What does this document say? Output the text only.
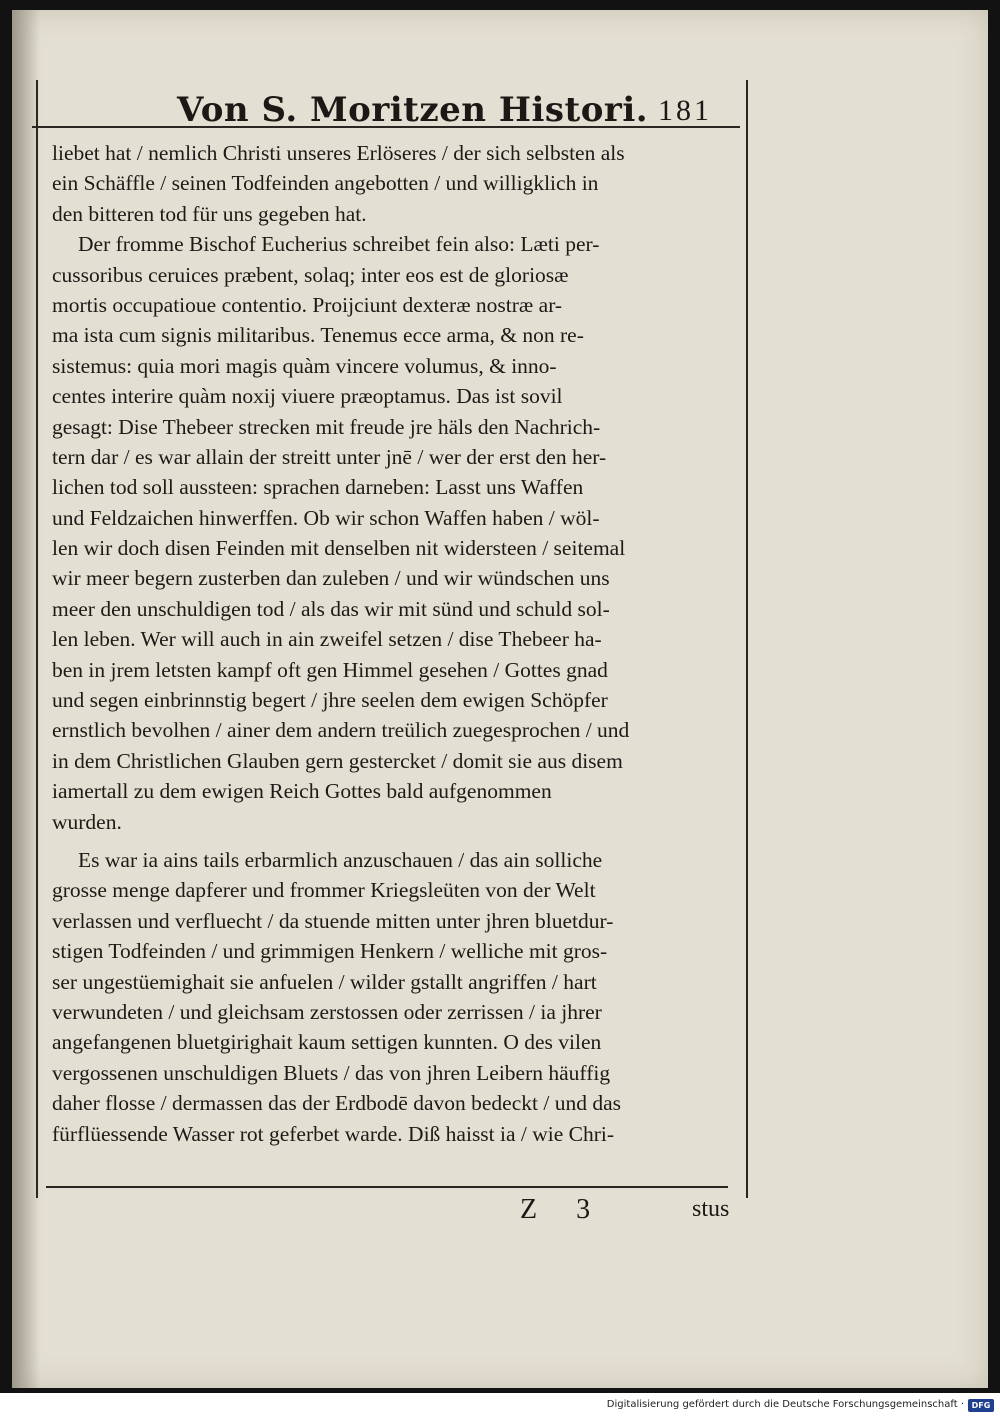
Von S. Moritzen Histori. 181
liebet hat / nemlich Christi unseres Erlöseres / der sich selbsten als
ein Schäffle / seinen Todfeinden angebotten / und willigklich in
den bitteren tod für uns gegeben hat.
Der fromme Bischof Eucherius schreibet fein also: Læti per-
cussoribus ceruices præbent, solaq; inter eos est de gloriosæ
mortis occupatioue contentio. Proijciunt dexteræ nostræ ar-
ma ista cum signis militaribus. Tenemus ecce arma, & non re-
sistemus: quia mori magis quàm vincere volumus, & inno-
centes interire quàm noxij viuere præoptamus. Das ist sovil
gesagt: Dise Thebeer strecken mit freude jre häls den Nachrich-
tern dar / es war allain der streitt unter jnē / wer der erst den her-
lichen tod soll aussteen: sprachen darneben: Lasst uns Waffen
und Feldzaichen hinwerffen. Ob wir schon Waffen haben / wöl-
len wir doch disen Feinden mit denselben nit widersteen / seitemal
wir meer begern zusterben dan zuleben / und wir wündschen uns
meer den unschuldigen tod / als das wir mit sünd und schuld sol-
len leben. Wer will auch in ain zweifel setzen / dise Thebeer ha-
ben in jrem letsten kampf oft gen Himmel gesehen / Gottes gnad
und segen einbrinnstig begert / jhre seelen dem ewigen Schöpfer
ernstlich bevolhen / ainer dem andern treülich zuegesprochen / und
in dem Christlichen Glauben gern gestercket / domit sie aus disem
iamertall zu dem ewigen Reich Gottes bald aufgenommen
wurden.
Es war ia ains tails erbarmlich anzuschauen / das ain solliche
grosse menge dapferer und frommer Kriegsleüten von der Welt
verlassen und verfluecht / da stuende mitten unter jhren bluetdur-
stigen Todfeinden / und grimmigen Henkern / welliche mit gros-
ser ungestüemighait sie anfuelen / wilder gstallt angriffen / hart
verwundeten / und gleichsam zerstossen oder zerrissen / ia jhrer
angefangenen bluetgirighait kaum settigen kunnten. O des vilen
vergossenen unschuldigen Bluets / das von jhren Leibern häuffig
daher flosse / dermassen das der Erdbodē davon bedeckt / und das
fürflüessende Wasser rot geferbet warde. Diß haisst ia / wie Chri-
Z 3	stus
Digitalisierung gefördert durch die Deutsche Forschungsgemeinschaft · DFG
